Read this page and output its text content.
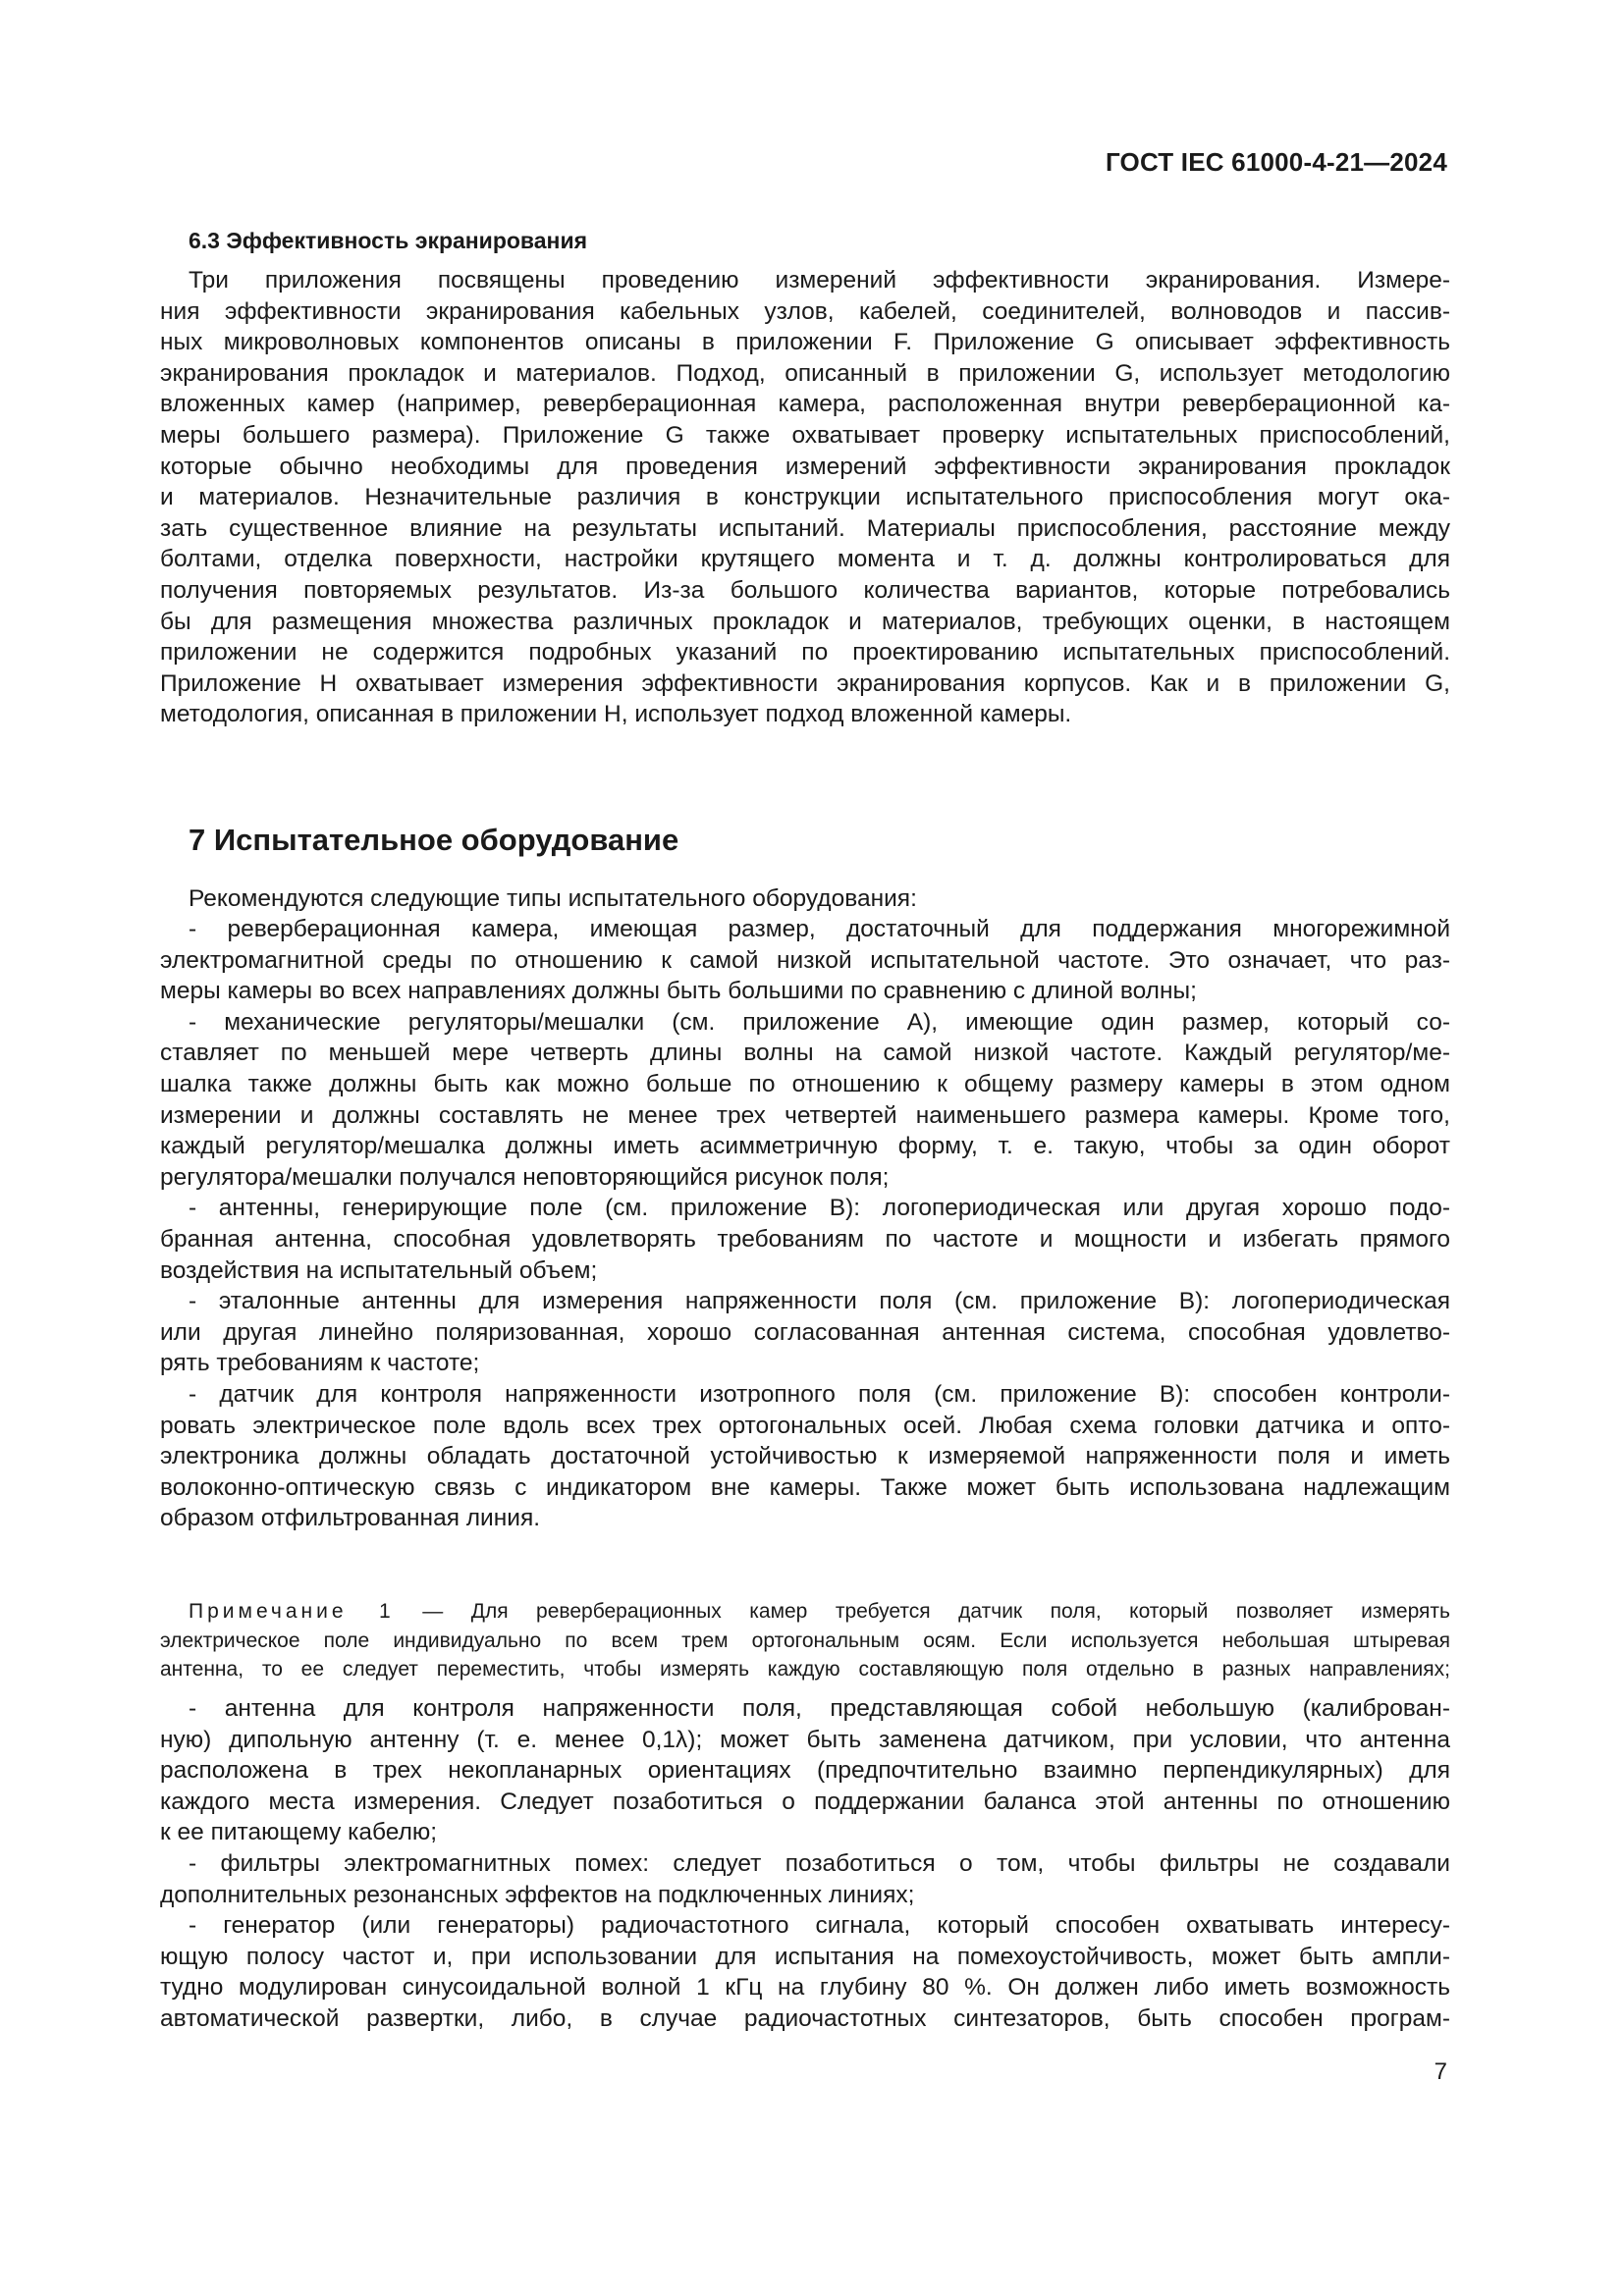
ГОСТ IEC 61000-4-21—2024
6.3 Эффективность экранирования
Три приложения посвящены проведению измерений эффективности экранирования. Измере-
ния эффективности экранирования кабельных узлов, кабелей, соединителей, волноводов и пассив-
ных микроволновых компонентов описаны в приложении F. Приложение G описывает эффективность
экранирования прокладок и материалов. Подход, описанный в приложении G, использует методологию
вложенных камер (например, реверберационная камера, расположенная внутри реверберационной ка-
меры большего размера). Приложение G также охватывает проверку испытательных приспособлений,
которые обычно необходимы для проведения измерений эффективности экранирования прокладок
и материалов. Незначительные различия в конструкции испытательного приспособления могут ока-
зать существенное влияние на результаты испытаний. Материалы приспособления, расстояние между
болтами, отделка поверхности, настройки крутящего момента и т. д. должны контролироваться для
получения повторяемых результатов. Из-за большого количества вариантов, которые потребовались
бы для размещения множества различных прокладок и материалов, требующих оценки, в настоящем
приложении не содержится подробных указаний по проектированию испытательных приспособлений.
Приложение H охватывает измерения эффективности экранирования корпусов. Как и в приложении G,
методология, описанная в приложении H, использует подход вложенной камеры.
7 Испытательное оборудование
Рекомендуются следующие типы испытательного оборудования:
- реверберационная камера, имеющая размер, достаточный для поддержания многорежимной
электромагнитной среды по отношению к самой низкой испытательной частоте. Это означает, что раз-
меры камеры во всех направлениях должны быть большими по сравнению с длиной волны;
- механические регуляторы/мешалки (см. приложение A), имеющие один размер, который со-
ставляет по меньшей мере четверть длины волны на самой низкой частоте. Каждый регулятор/ме-
шалка также должны быть как можно больше по отношению к общему размеру камеры в этом одном
измерении и должны составлять не менее трех четвертей наименьшего размера камеры. Кроме того,
каждый регулятор/мешалка должны иметь асимметричную форму, т. е. такую, чтобы за один оборот
регулятора/мешалки получался неповторяющийся рисунок поля;
- антенны, генерирующие поле (см. приложение B): логопериодическая или другая хорошо подо-
бранная антенна, способная удовлетворять требованиям по частоте и мощности и избегать прямого
воздействия на испытательный объем;
- эталонные антенны для измерения напряженности поля (см. приложение B): логопериодическая
или другая линейно поляризованная, хорошо согласованная антенная система, способная удовлетво-
рять требованиям к частоте;
- датчик для контроля напряженности изотропного поля (см. приложение B): способен контроли-
ровать электрическое поле вдоль всех трех ортогональных осей. Любая схема головки датчика и опто-
электроника должны обладать достаточной устойчивостью к измеряемой напряженности поля и иметь
волоконно-оптическую связь с индикатором вне камеры. Также может быть использована надлежащим
образом отфильтрованная линия.
Примечание 1 — Для реверберационных камер требуется датчик поля, который позволяет измерять
электрическое поле индивидуально по всем трем ортогональным осям. Если используется небольшая штыревая
антенна, то ее следует переместить, чтобы измерять каждую составляющую поля отдельно в разных направлениях;
- антенна для контроля напряженности поля, представляющая собой небольшую (калиброван-
ную) дипольную антенну (т. е. менее 0,1λ); может быть заменена датчиком, при условии, что антенна
расположена в трех некопланарных ориентациях (предпочтительно взаимно перпендикулярных) для
каждого места измерения. Следует позаботиться о поддержании баланса этой антенны по отношению
к ее питающему кабелю;
- фильтры электромагнитных помех: следует позаботиться о том, чтобы фильтры не создавали
дополнительных резонансных эффектов на подключенных линиях;
- генератор (или генераторы) радиочастотного сигнала, который способен охватывать интересу-
ющую полосу частот и, при использовании для испытания на помехоустойчивость, может быть ампли-
тудно модулирован синусоидальной волной 1 кГц на глубину 80 %. Он должен либо иметь возможность
автоматической развертки, либо, в случае радиочастотных синтезаторов, быть способен програм-
7
